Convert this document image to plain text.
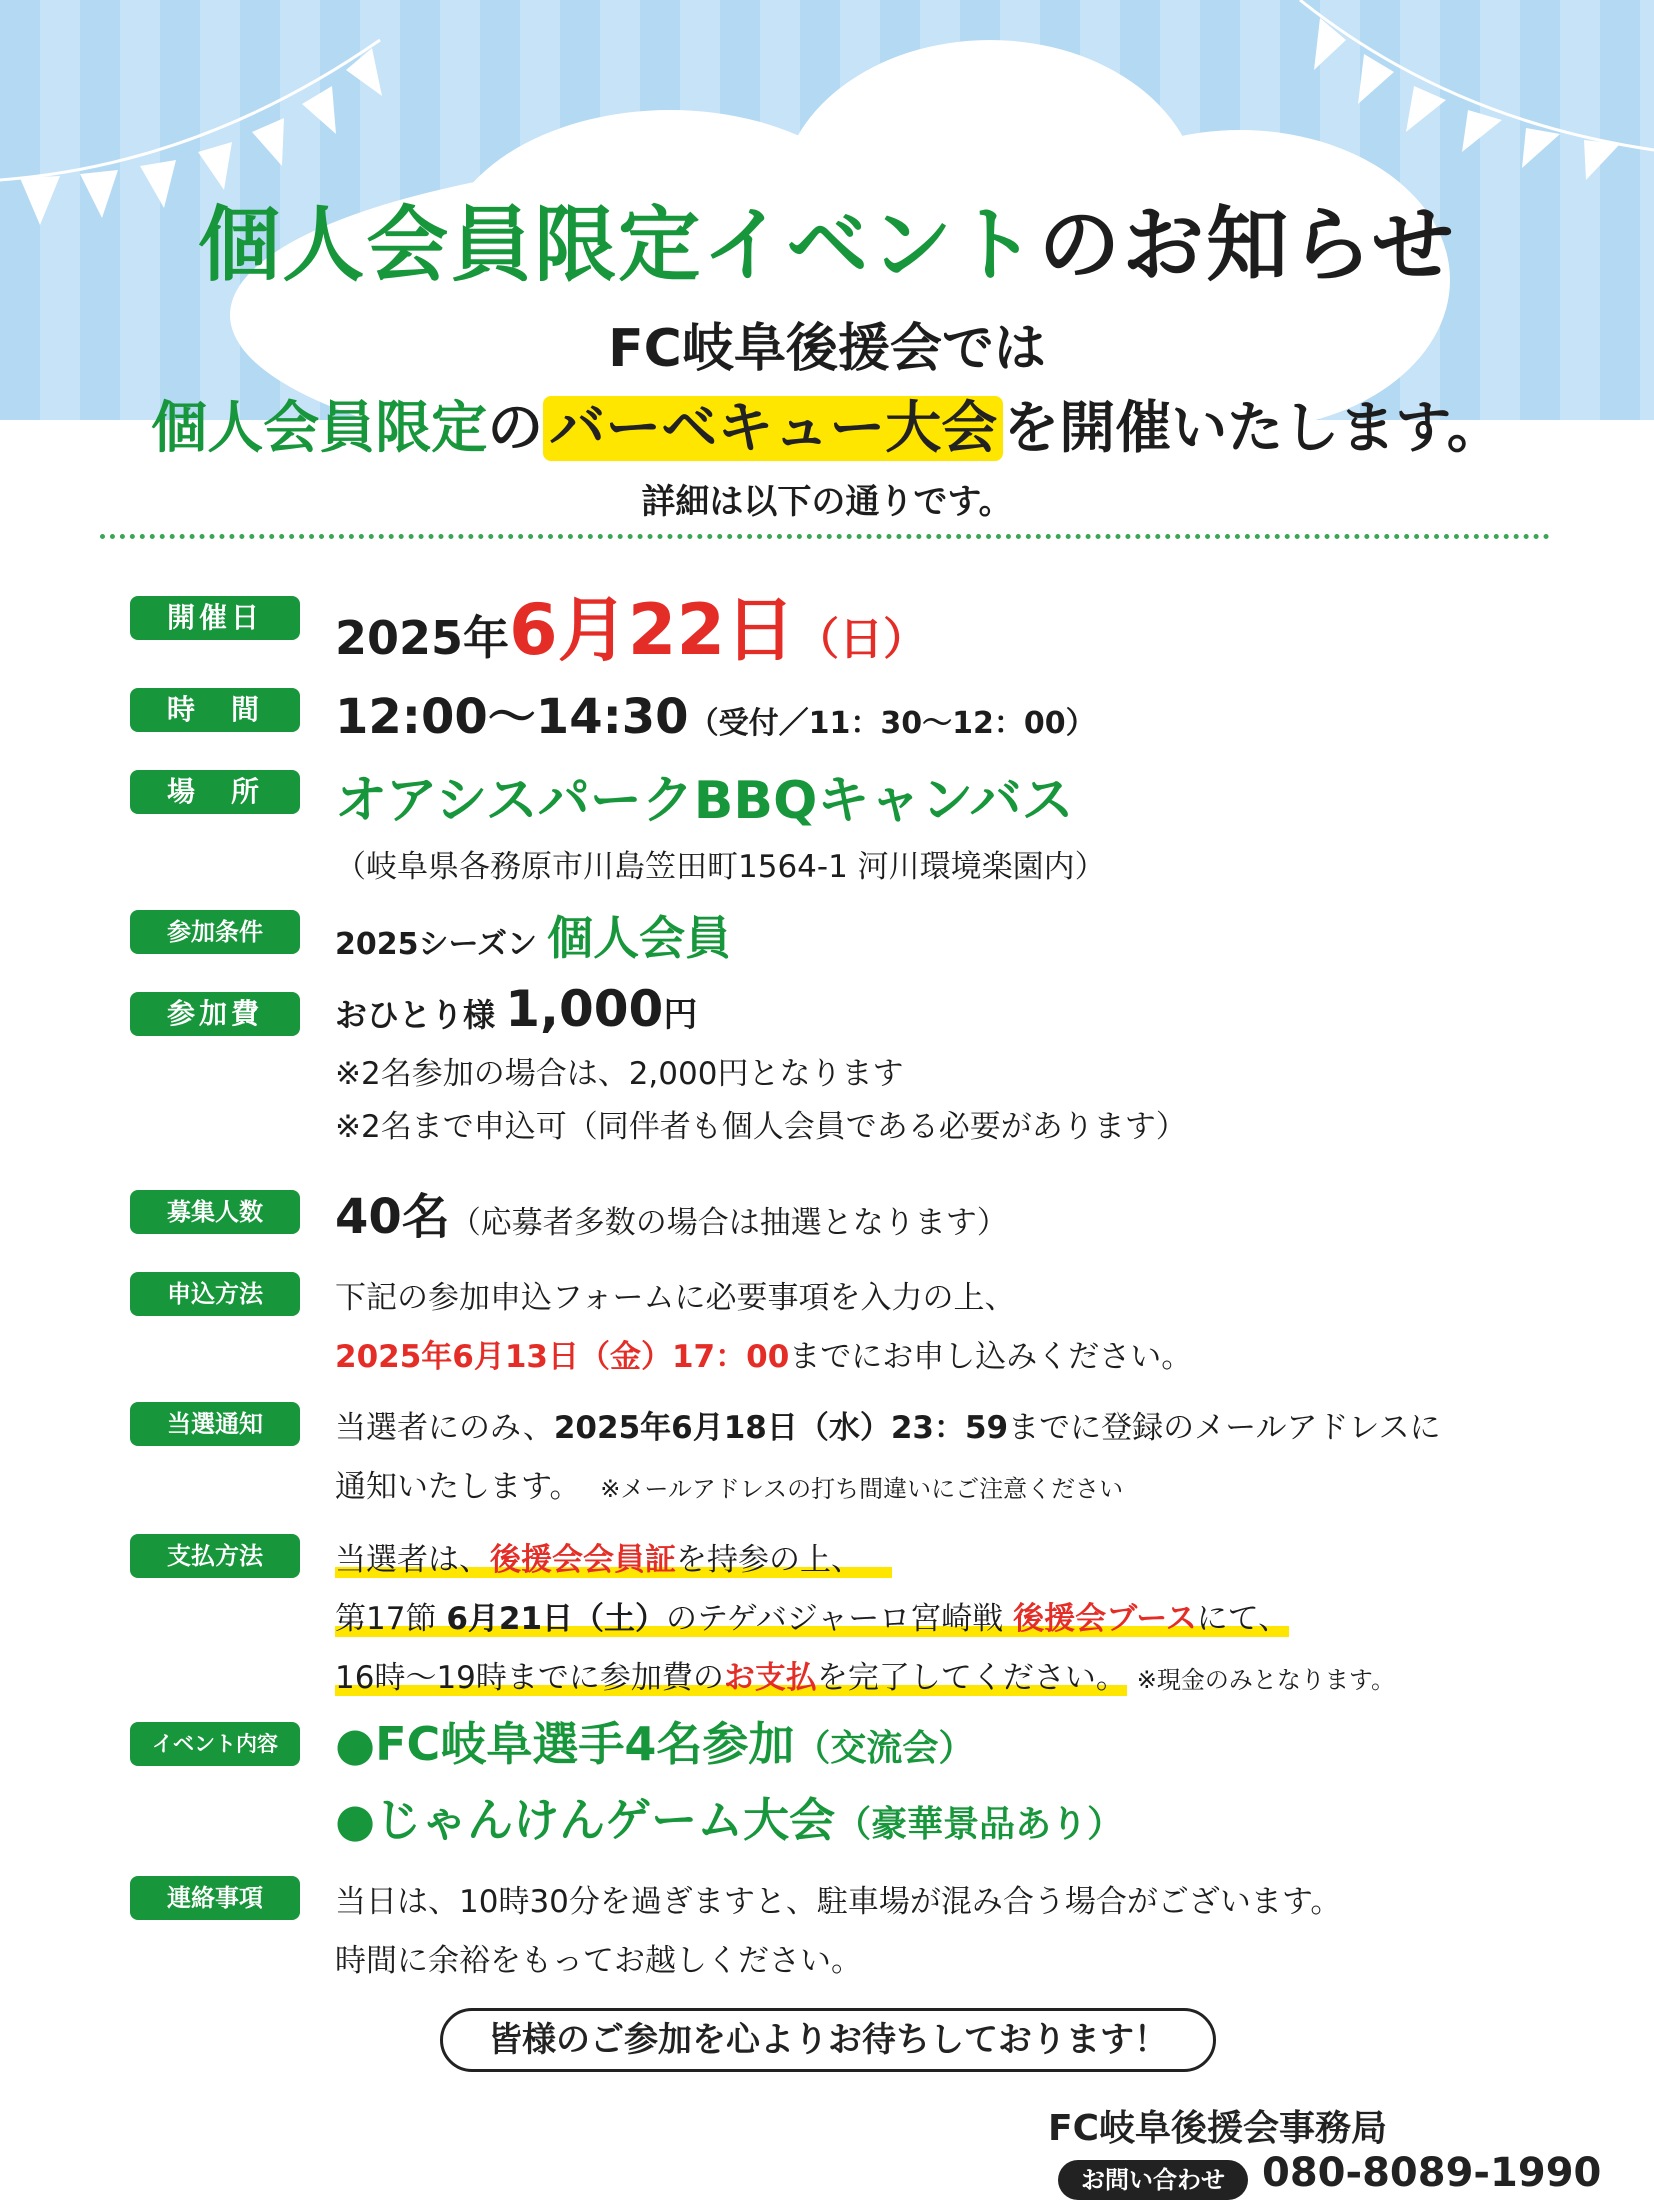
個人会員限定イベントのお知らせ
FC岐阜後援会では
個人会員限定の バーベキュー大会 を開催いたします。
詳細は以下の通りです。
開催日	2025年6月22日（日）
時　間	12:00〜14:30（受付／11：30〜12：00）
場　所	オアシスパークBBQキャンバス
（岐阜県各務原市川島笠田町1564-1 河川環境楽園内）
参加条件	2025シーズン 個人会員
参加費	おひとり様 1,000円
※2名参加の場合は、2,000円となります
※2名まで申込可（同伴者も個人会員である必要があります）
募集人数	40名（応募者多数の場合は抽選となります）
申込方法	下記の参加申込フォームに必要事項を入力の上、
2025年6月13日（金）17：00までにお申し込みください。
当選通知	当選者にのみ、2025年6月18日（水）23：59までに登録のメールアドレスに
通知いたします。 ※メールアドレスの打ち間違いにご注意ください
支払方法	当選者は、後援会会員証を持参の上、
第17節 6月21日（土）のテゲバジャーロ宮崎戦 後援会ブースにて、
16時〜19時までに参加費のお支払を完了してください。 ※現金のみとなります。
イベント内容	●FC岐阜選手4名参加（交流会）
●じゃんけんゲーム大会（豪華景品あり）
連絡事項	当日は、10時30分を過ぎますと、駐車場が混み合う場合がございます。
時間に余裕をもってお越しください。
皆様のご参加を心よりお待ちしております！
FC岐阜後援会事務局
お問い合わせ 080-8089-1990
